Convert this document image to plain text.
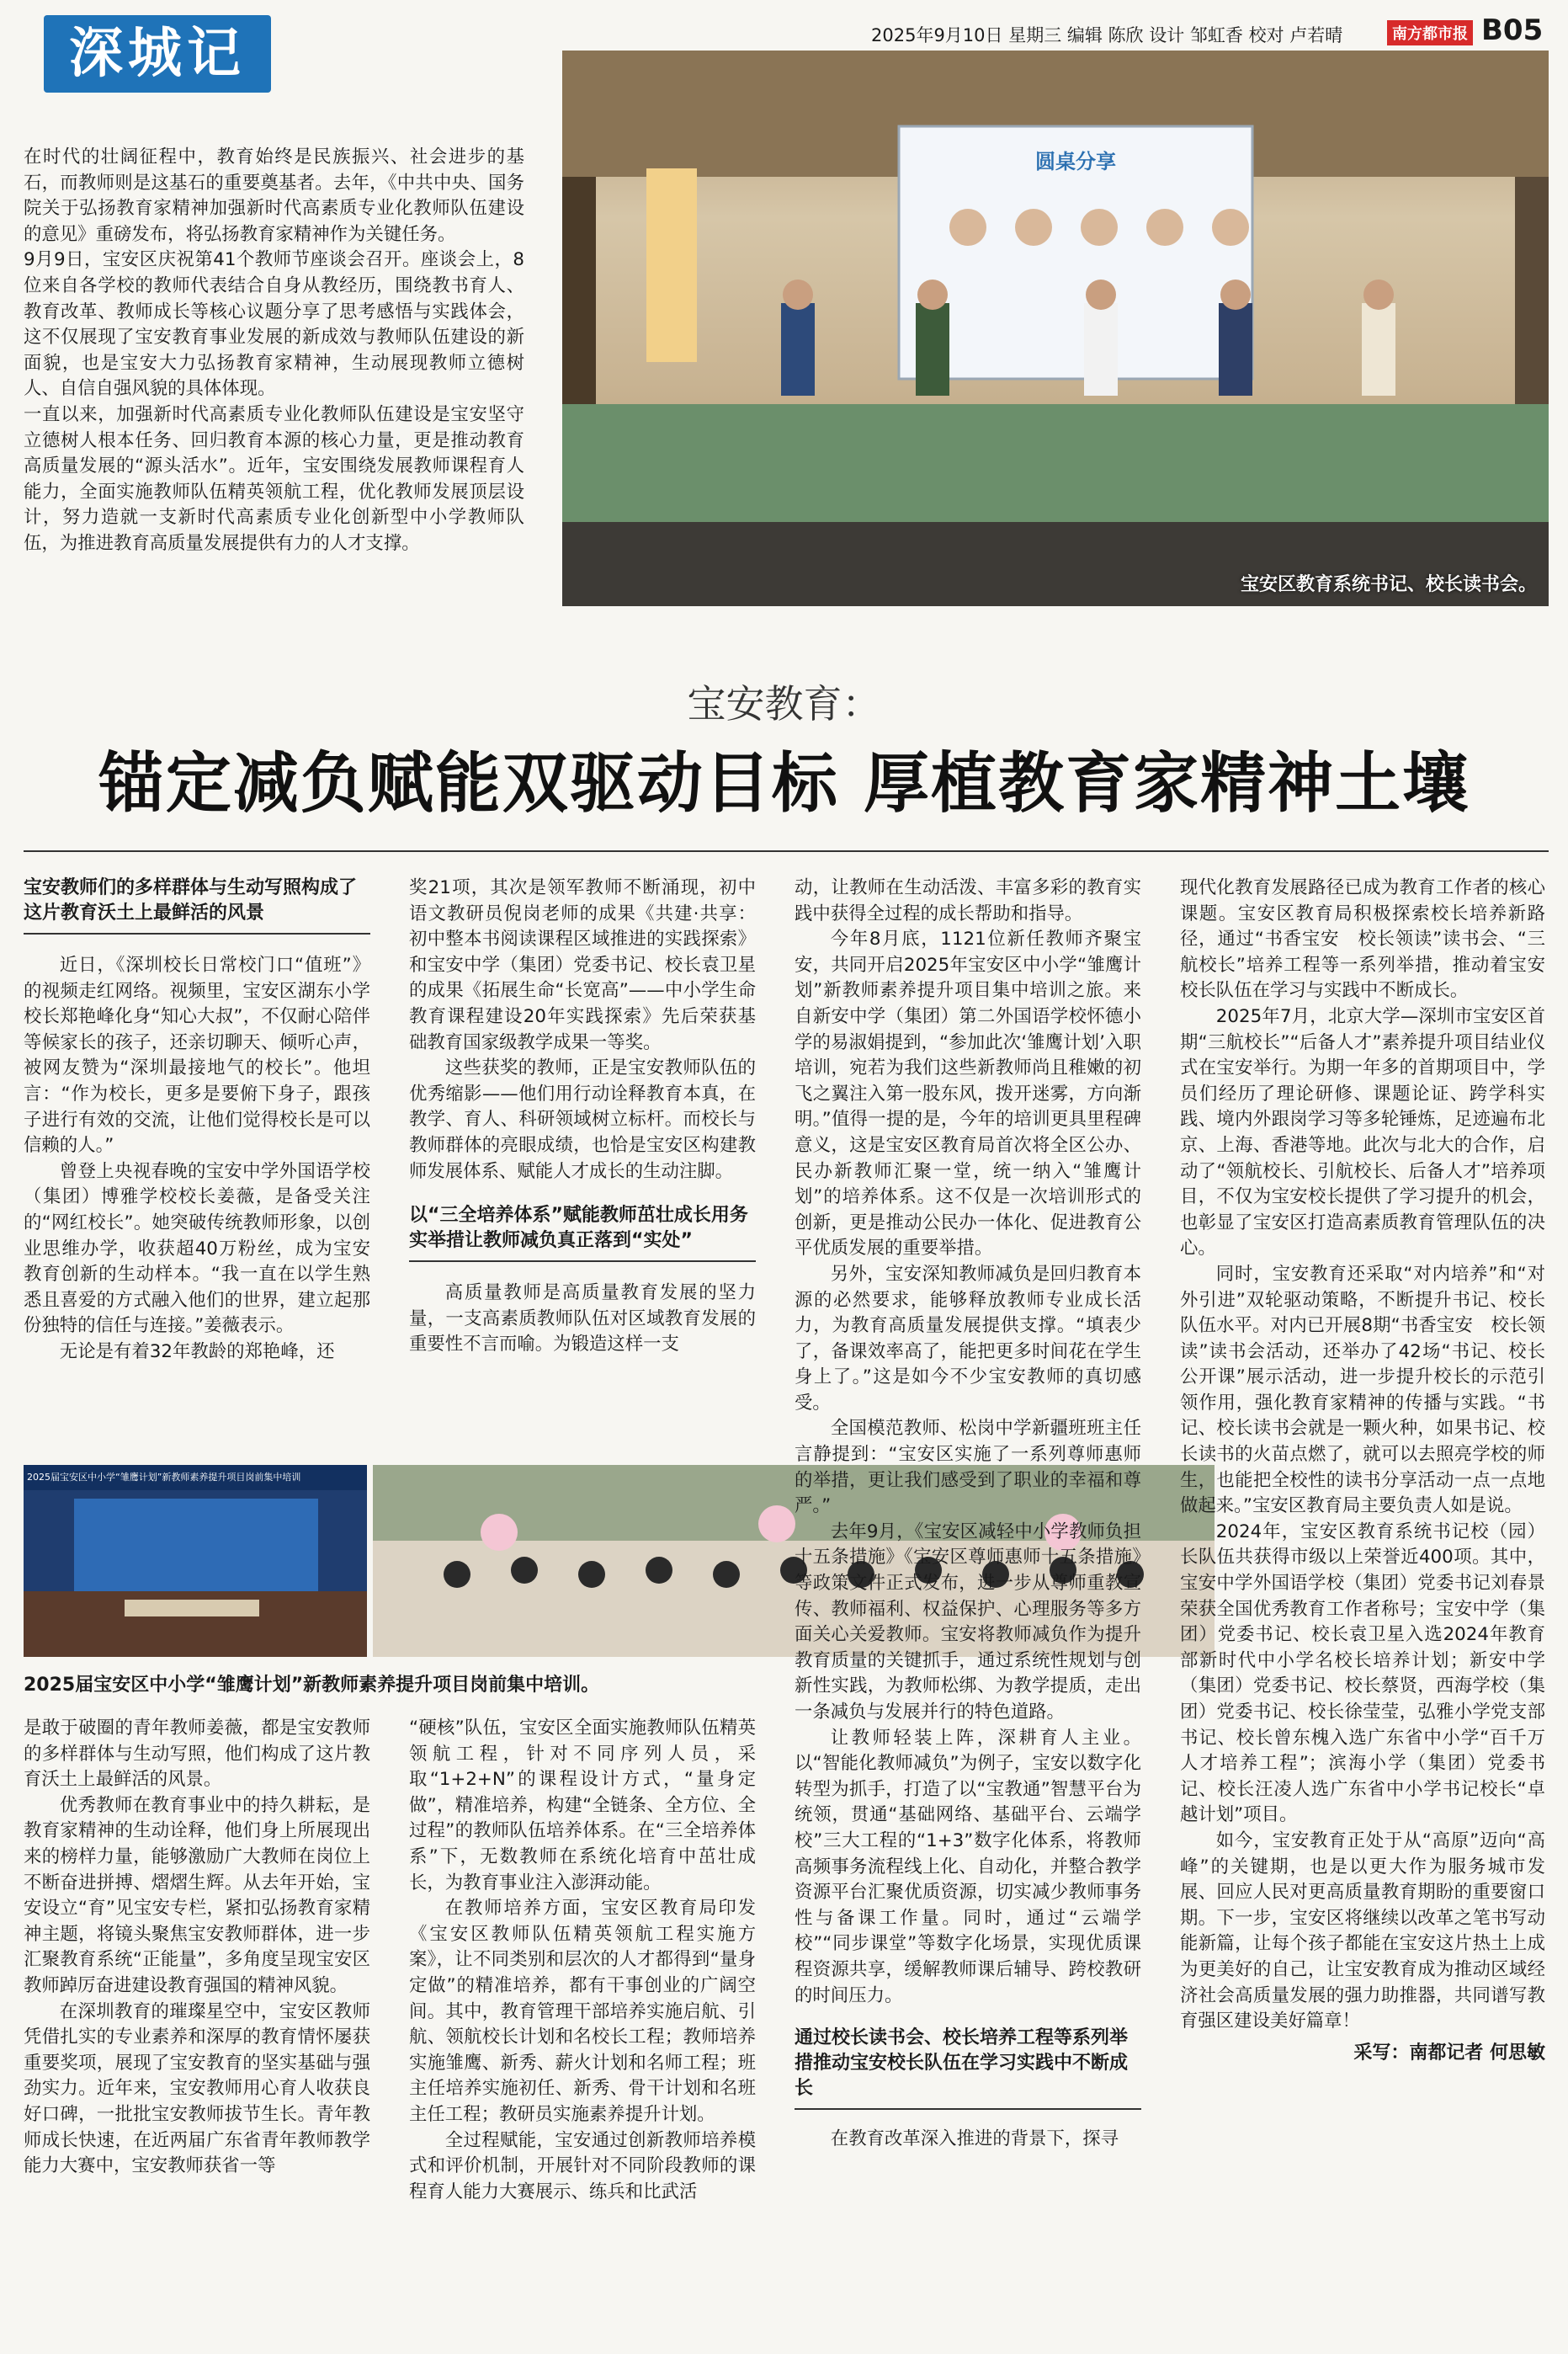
深城记	2025年9月10日 星期三 编辑 陈欣 设计 邹虹香 校对 卢若晴	南方都市报 B05

在时代的壮阔征程中，教育始终是民族振兴、社会进步的基石，而教师则是这基石的重要奠基者。去年，《中共中央、国务院关于弘扬教育家精神加强新时代高素质专业化教师队伍建设的意见》重磅发布，将弘扬教育家精神作为关键任务。

9月9日，宝安区庆祝第41个教师节座谈会召开。座谈会上，8位来自各学校的教师代表结合自身从教经历，围绕教书育人、教育改革、教师成长等核心议题分享了思考感悟与实践体会，这不仅展现了宝安教育事业发展的新成效与教师队伍建设的新面貌，也是宝安大力弘扬教育家精神，生动展现教师立德树人、自信自强风貌的具体体现。

一直以来，加强新时代高素质专业化教师队伍建设是宝安坚守立德树人根本任务、回归教育本源的核心力量，更是推动教育高质量发展的“源头活水”。近年，宝安围绕发展教师课程育人能力，全面实施教师队伍精英领航工程，优化教师发展顶层设计，努力造就一支新时代高素质专业化创新型中小学教师队伍，为推进教育高质量发展提供有力的人才支撑。

圆桌分享
宝安区教育系统书记、校长读书会。
宝安教育：
锚定减负赋能双驱动目标 厚植教育家精神土壤
宝安教师们的多样群体与生动写照构成了这片教育沃土上最鲜活的风景

近日，《深圳校长日常校门口“值班”》的视频走红网络。视频里，宝安区湖东小学校长郑艳峰化身“知心大叔”，不仅耐心陪伴等候家长的孩子，还亲切聊天、倾听心声，被网友赞为“深圳最接地气的校长”。他坦言：“作为校长，更多是要俯下身子，跟孩子进行有效的交流，让他们觉得校长是可以信赖的人。”

曾登上央视春晚的宝安中学外国语学校（集团）博雅学校校长姜薇，是备受关注的“网红校长”。她突破传统教师形象，以创业思维办学，收获超40万粉丝，成为宝安教育创新的生动样本。“我一直在以学生熟悉且喜爱的方式融入他们的世界，建立起那份独特的信任与连接。”姜薇表示。

无论是有着32年教龄的郑艳峰，还

奖21项，其次是领军教师不断涌现，初中语文教研员倪岗老师的成果《共建·共享：初中整本书阅读课程区域推进的实践探索》和宝安中学（集团）党委书记、校长袁卫星的成果《拓展生命“长宽高”——中小学生命教育课程建设20年实践探索》先后荣获基础教育国家级教学成果一等奖。

这些获奖的教师，正是宝安教师队伍的优秀缩影——他们用行动诠释教育本真，在教学、育人、科研领域树立标杆。而校长与教师群体的亮眼成绩，也恰是宝安区构建教师发展体系、赋能人才成长的生动注脚。

以“三全培养体系”赋能教师茁壮成长用务实举措让教师减负真正落到“实处”

高质量教师是高质量教育发展的坚力量，一支高素质教师队伍对区域教育发展的重要性不言而喻。为锻造这样一支

2025届宝安区中小学“雏鹰计划”新教师素养提升项目岗前集中培训
2025届宝安区中小学“雏鹰计划”新教师素养提升项目岗前集中培训。

是敢于破圈的青年教师姜薇，都是宝安教师的多样群体与生动写照，他们构成了这片教育沃土上最鲜活的风景。

优秀教师在教育事业中的持久耕耘，是教育家精神的生动诠释，他们身上所展现出来的榜样力量，能够激励广大教师在岗位上不断奋进拼搏、熠熠生辉。从去年开始，宝安设立“育”见宝安专栏，紧扣弘扬教育家精神主题，将镜头聚焦宝安教师群体，进一步汇聚教育系统“正能量”，多角度呈现宝安区教师踔厉奋进建设教育强国的精神风貌。

在深圳教育的璀璨星空中，宝安区教师凭借扎实的专业素养和深厚的教育情怀屡获重要奖项，展现了宝安教育的坚实基础与强劲实力。近年来，宝安教师用心育人收获良好口碑，一批批宝安教师拔节生长。青年教师成长快速，在近两届广东省青年教师教学能力大赛中，宝安教师获省一等

“硬核”队伍，宝安区全面实施教师队伍精英领航工程，针对不同序列人员，采取“1+2+N”的课程设计方式，“量身定做”，精准培养，构建“全链条、全方位、全过程”的教师队伍培养体系。在“三全培养体系”下，无数教师在系统化培育中茁壮成长，为教育事业注入澎湃动能。

在教师培养方面，宝安区教育局印发《宝安区教师队伍精英领航工程实施方案》，让不同类别和层次的人才都得到“量身定做”的精准培养，都有干事创业的广阔空间。其中，教育管理干部培养实施启航、引航、领航校长计划和名校长工程；教师培养实施雏鹰、新秀、薪火计划和名师工程；班主任培养实施初任、新秀、骨干计划和名班主任工程；教研员实施素养提升计划。

全过程赋能，宝安通过创新教师培养模式和评价机制，开展针对不同阶段教师的课程育人能力大赛展示、练兵和比武活

动，让教师在生动活泼、丰富多彩的教育实践中获得全过程的成长帮助和指导。

今年8月底，1121位新任教师齐聚宝安，共同开启2025年宝安区中小学“雏鹰计划”新教师素养提升项目集中培训之旅。来自新安中学（集团）第二外国语学校怀德小学的易淑娟提到，“参加此次‘雏鹰计划’入职培训，宛若为我们这些新教师尚且稚嫩的初飞之翼注入第一股东风，拨开迷雾，方向渐明。”值得一提的是，今年的培训更具里程碑意义，这是宝安区教育局首次将全区公办、民办新教师汇聚一堂，统一纳入“雏鹰计划”的培养体系。这不仅是一次培训形式的创新，更是推动公民办一体化、促进教育公平优质发展的重要举措。

另外，宝安深知教师减负是回归教育本源的必然要求，能够释放教师专业成长活力，为教育高质量发展提供支撑。“填表少了，备课效率高了，能把更多时间花在学生身上了。”这是如今不少宝安教师的真切感受。

全国模范教师、松岗中学新疆班班主任言静提到：“宝安区实施了一系列尊师惠师的举措，更让我们感受到了职业的幸福和尊严。”

去年9月，《宝安区减轻中小学教师负担十五条措施》《宝安区尊师惠师十五条措施》等政策文件正式发布，进一步从尊师重教宣传、教师福利、权益保护、心理服务等多方面关心关爱教师。宝安将教师减负作为提升教育质量的关键抓手，通过系统性规划与创新性实践，为教师松绑、为教学提质，走出一条减负与发展并行的特色道路。

让教师轻装上阵，深耕育人主业。以“智能化教师减负”为例子，宝安以数字化转型为抓手，打造了以“宝教通”智慧平台为统领，贯通“基础网络、基础平台、云端学校”三大工程的“1+3”数字化体系，将教师高频事务流程线上化、自动化，并整合教学资源平台汇聚优质资源，切实减少教师事务性与备课工作量。同时，通过“云端学校”“同步课堂”等数字化场景，实现优质课程资源共享，缓解教师课后辅导、跨校教研的时间压力。

通过校长读书会、校长培养工程等系列举措推动宝安校长队伍在学习实践中不断成长

在教育改革深入推进的背景下，探寻

现代化教育发展路径已成为教育工作者的核心课题。宝安区教育局积极探索校长培养新路径，通过“书香宝安　校长领读”读书会、“三航校长”培养工程等一系列举措，推动着宝安校长队伍在学习与实践中不断成长。

2025年7月，北京大学—深圳市宝安区首期“三航校长”“后备人才”素养提升项目结业仪式在宝安举行。为期一年多的首期项目中，学员们经历了理论研修、课题论证、跨学科实践、境内外跟岗学习等多轮锤炼，足迹遍布北京、上海、香港等地。此次与北大的合作，启动了“领航校长、引航校长、后备人才”培养项目，不仅为宝安校长提供了学习提升的机会，也彰显了宝安区打造高素质教育管理队伍的决心。

同时，宝安教育还采取“对内培养”和“对外引进”双轮驱动策略，不断提升书记、校长队伍水平。对内已开展8期“书香宝安　校长领读”读书会活动，还举办了42场“书记、校长公开课”展示活动，进一步提升校长的示范引领作用，强化教育家精神的传播与实践。“书记、校长读书会就是一颗火种，如果书记、校长读书的火苗点燃了，就可以去照亮学校的师生，也能把全校性的读书分享活动一点一点地做起来。”宝安区教育局主要负责人如是说。

2024年，宝安区教育系统书记校（园）长队伍共获得市级以上荣誉近400项。其中，宝安中学外国语学校（集团）党委书记刘春景荣获全国优秀教育工作者称号；宝安中学（集团）党委书记、校长袁卫星入选2024年教育部新时代中小学名校长培养计划；新安中学（集团）党委书记、校长蔡贤，西海学校（集团）党委书记、校长徐莹莹，弘雅小学党支部书记、校长曾东槐入选广东省中小学“百千万人才培养工程”；滨海小学（集团）党委书记、校长汪凌人选广东省中小学书记校长“卓越计划”项目。

如今，宝安教育正处于从“高原”迈向“高峰”的关键期，也是以更大作为服务城市发展、回应人民对更高质量教育期盼的重要窗口期。下一步，宝安区将继续以改革之笔书写动能新篇，让每个孩子都能在宝安这片热土上成为更美好的自己，让宝安教育成为推动区域经济社会高质量发展的强力助推器，共同谱写教育强区建设美好篇章！

采写：南都记者 何思敏
